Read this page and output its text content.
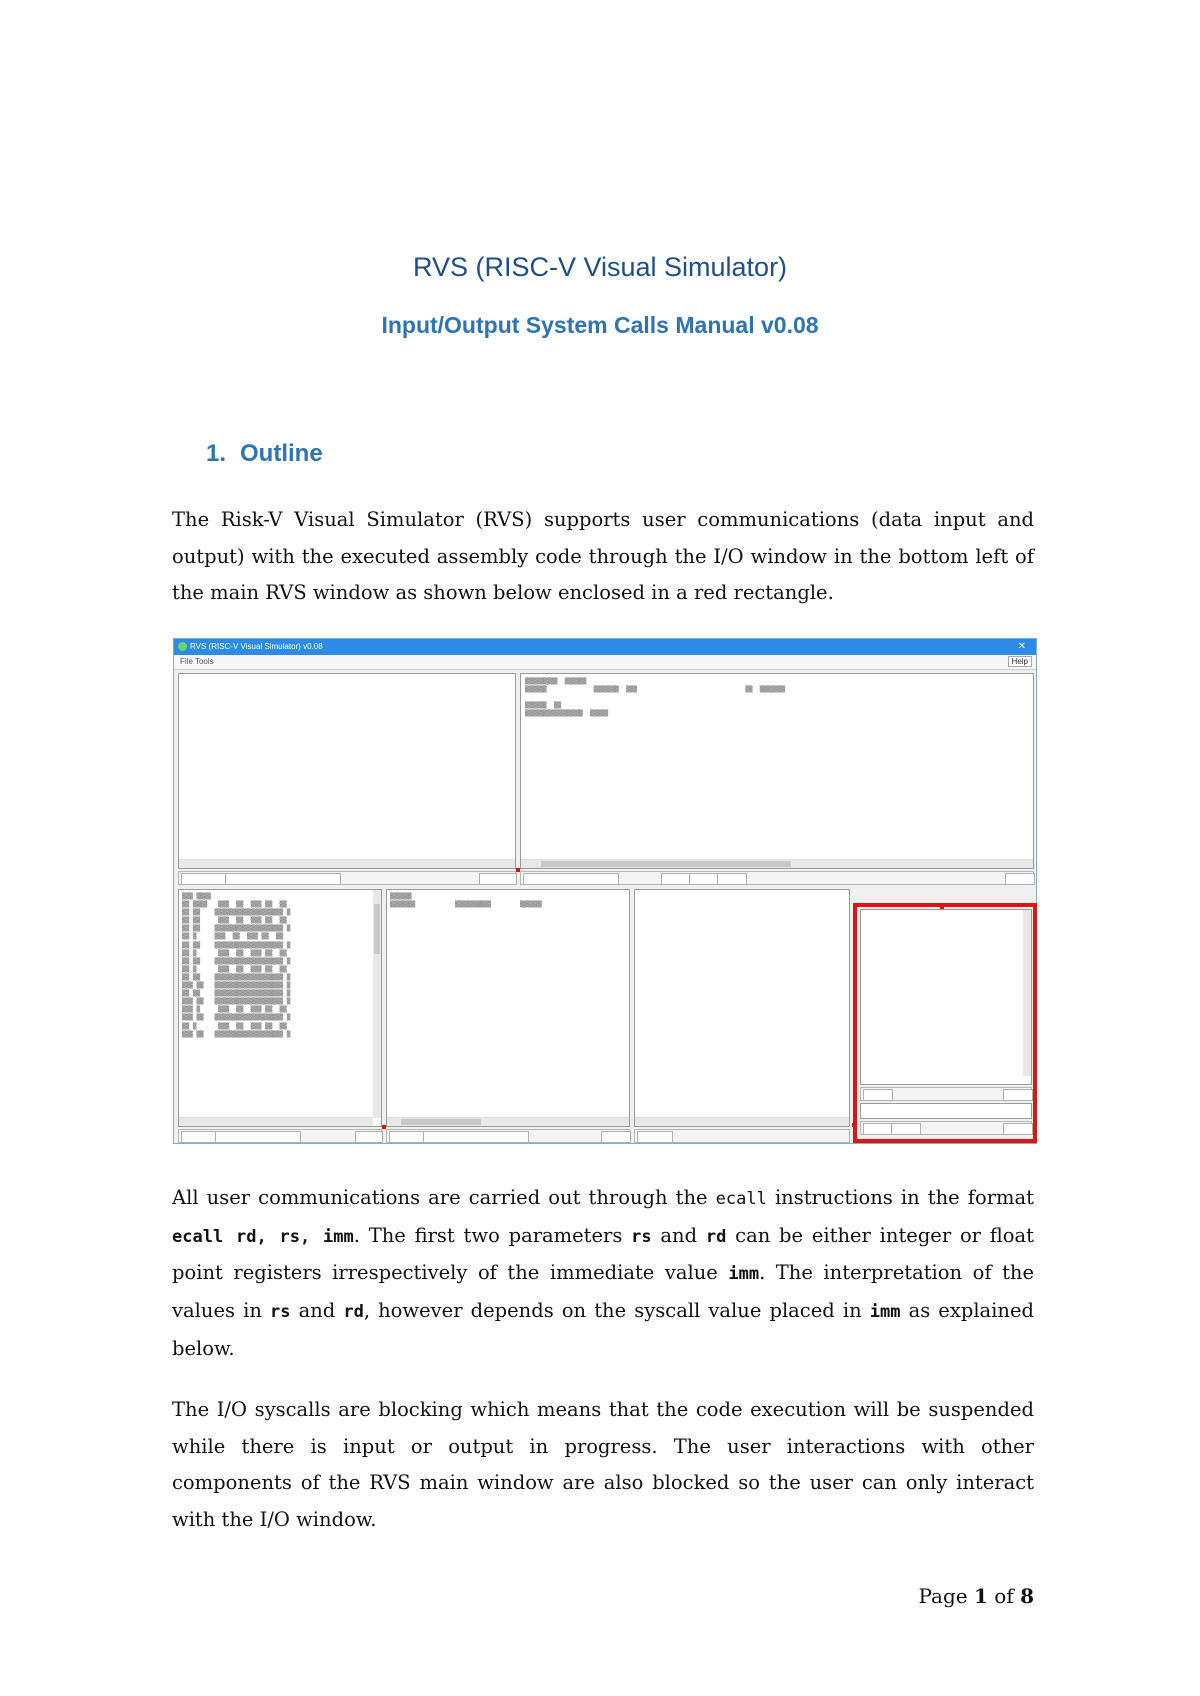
RVS (RISC-V Visual Simulator)
Input/Output System Calls Manual v0.08
1. Outline
The Risk-V Visual Simulator (RVS) supports user communications (data input and output) with the executed assembly code through the I/O window in the bottom left of the main RVS window as shown below enclosed in a red rectangle.
RVS (RISC-V Visual Simulator) v0.08	✕
File Tools	Help
▒▒▒▒▒▒▒▒▒  ▒▒▒▒▒▒
▒▒▒▒▒▒             ▒▒▒▒▒▒▒  ▒▒▒                              ▒▒  ▒▒▒▒▒▒▒

▒▒▒▒▒▒  ▒▒
▒▒▒▒▒▒▒▒▒▒▒▒▒▒▒▒  ▒▒▒▒▒
▒▒▒ ▒▒▒▒
▒▒ ▒▒▒▒   ▒▒▒  ▒▒  ▒▒▒ ▒▒  ▒▒
▒▒ ▒▒    ▒▒▒▒▒▒▒▒▒▒▒▒▒▒▒▒▒▒▒ ▒
▒▒ ▒▒     ▒▒▒  ▒▒  ▒▒▒ ▒▒  ▒▒
▒▒ ▒▒    ▒▒▒▒▒▒▒▒▒▒▒▒▒▒▒▒▒▒▒ ▒
▒▒ ▒     ▒▒▒  ▒▒  ▒▒▒ ▒▒  ▒▒
▒▒ ▒▒    ▒▒▒▒▒▒▒▒▒▒▒▒▒▒▒▒▒▒▒ ▒
▒▒ ▒      ▒▒▒  ▒▒  ▒▒▒ ▒▒  ▒▒
▒▒ ▒▒    ▒▒▒▒▒▒▒▒▒▒▒▒▒▒▒▒▒▒▒ ▒
▒▒ ▒      ▒▒▒  ▒▒  ▒▒▒ ▒▒  ▒▒
▒▒ ▒▒    ▒▒▒▒▒▒▒▒▒▒▒▒▒▒▒▒▒▒▒ ▒
▒▒▒ ▒▒   ▒▒▒▒▒▒▒▒▒▒▒▒▒▒▒▒▒▒▒ ▒
▒▒ ▒▒    ▒▒▒▒▒▒▒▒▒▒▒▒▒▒▒▒▒▒▒ ▒
▒▒▒ ▒▒   ▒▒▒▒▒▒▒▒▒▒▒▒▒▒▒▒▒▒▒ ▒
▒▒▒ ▒     ▒▒▒  ▒▒  ▒▒▒ ▒▒  ▒▒
▒▒▒ ▒▒   ▒▒▒▒▒▒▒▒▒▒▒▒▒▒▒▒▒▒▒ ▒
▒▒ ▒      ▒▒▒  ▒▒  ▒▒▒ ▒▒  ▒▒
▒▒▒ ▒▒   ▒▒▒▒▒▒▒▒▒▒▒▒▒▒▒▒▒▒▒ ▒
▒▒▒▒▒▒
▒▒▒▒▒▒▒           ▒▒▒▒▒▒▒▒▒▒        ▒▒▒▒▒▒
All user communications are carried out through the ecall instructions in the format ecall rd, rs, imm. The first two parameters rs and rd can be either integer or float point registers irrespectively of the immediate value imm. The interpretation of the values in rs and rd, however depends on the syscall value placed in imm as explained below.
The I/O syscalls are blocking which means that the code execution will be suspended while there is input or output in progress. The user interactions with other components of the RVS main window are also blocked so the user can only interact with the I/O window.
Page 1 of 8
